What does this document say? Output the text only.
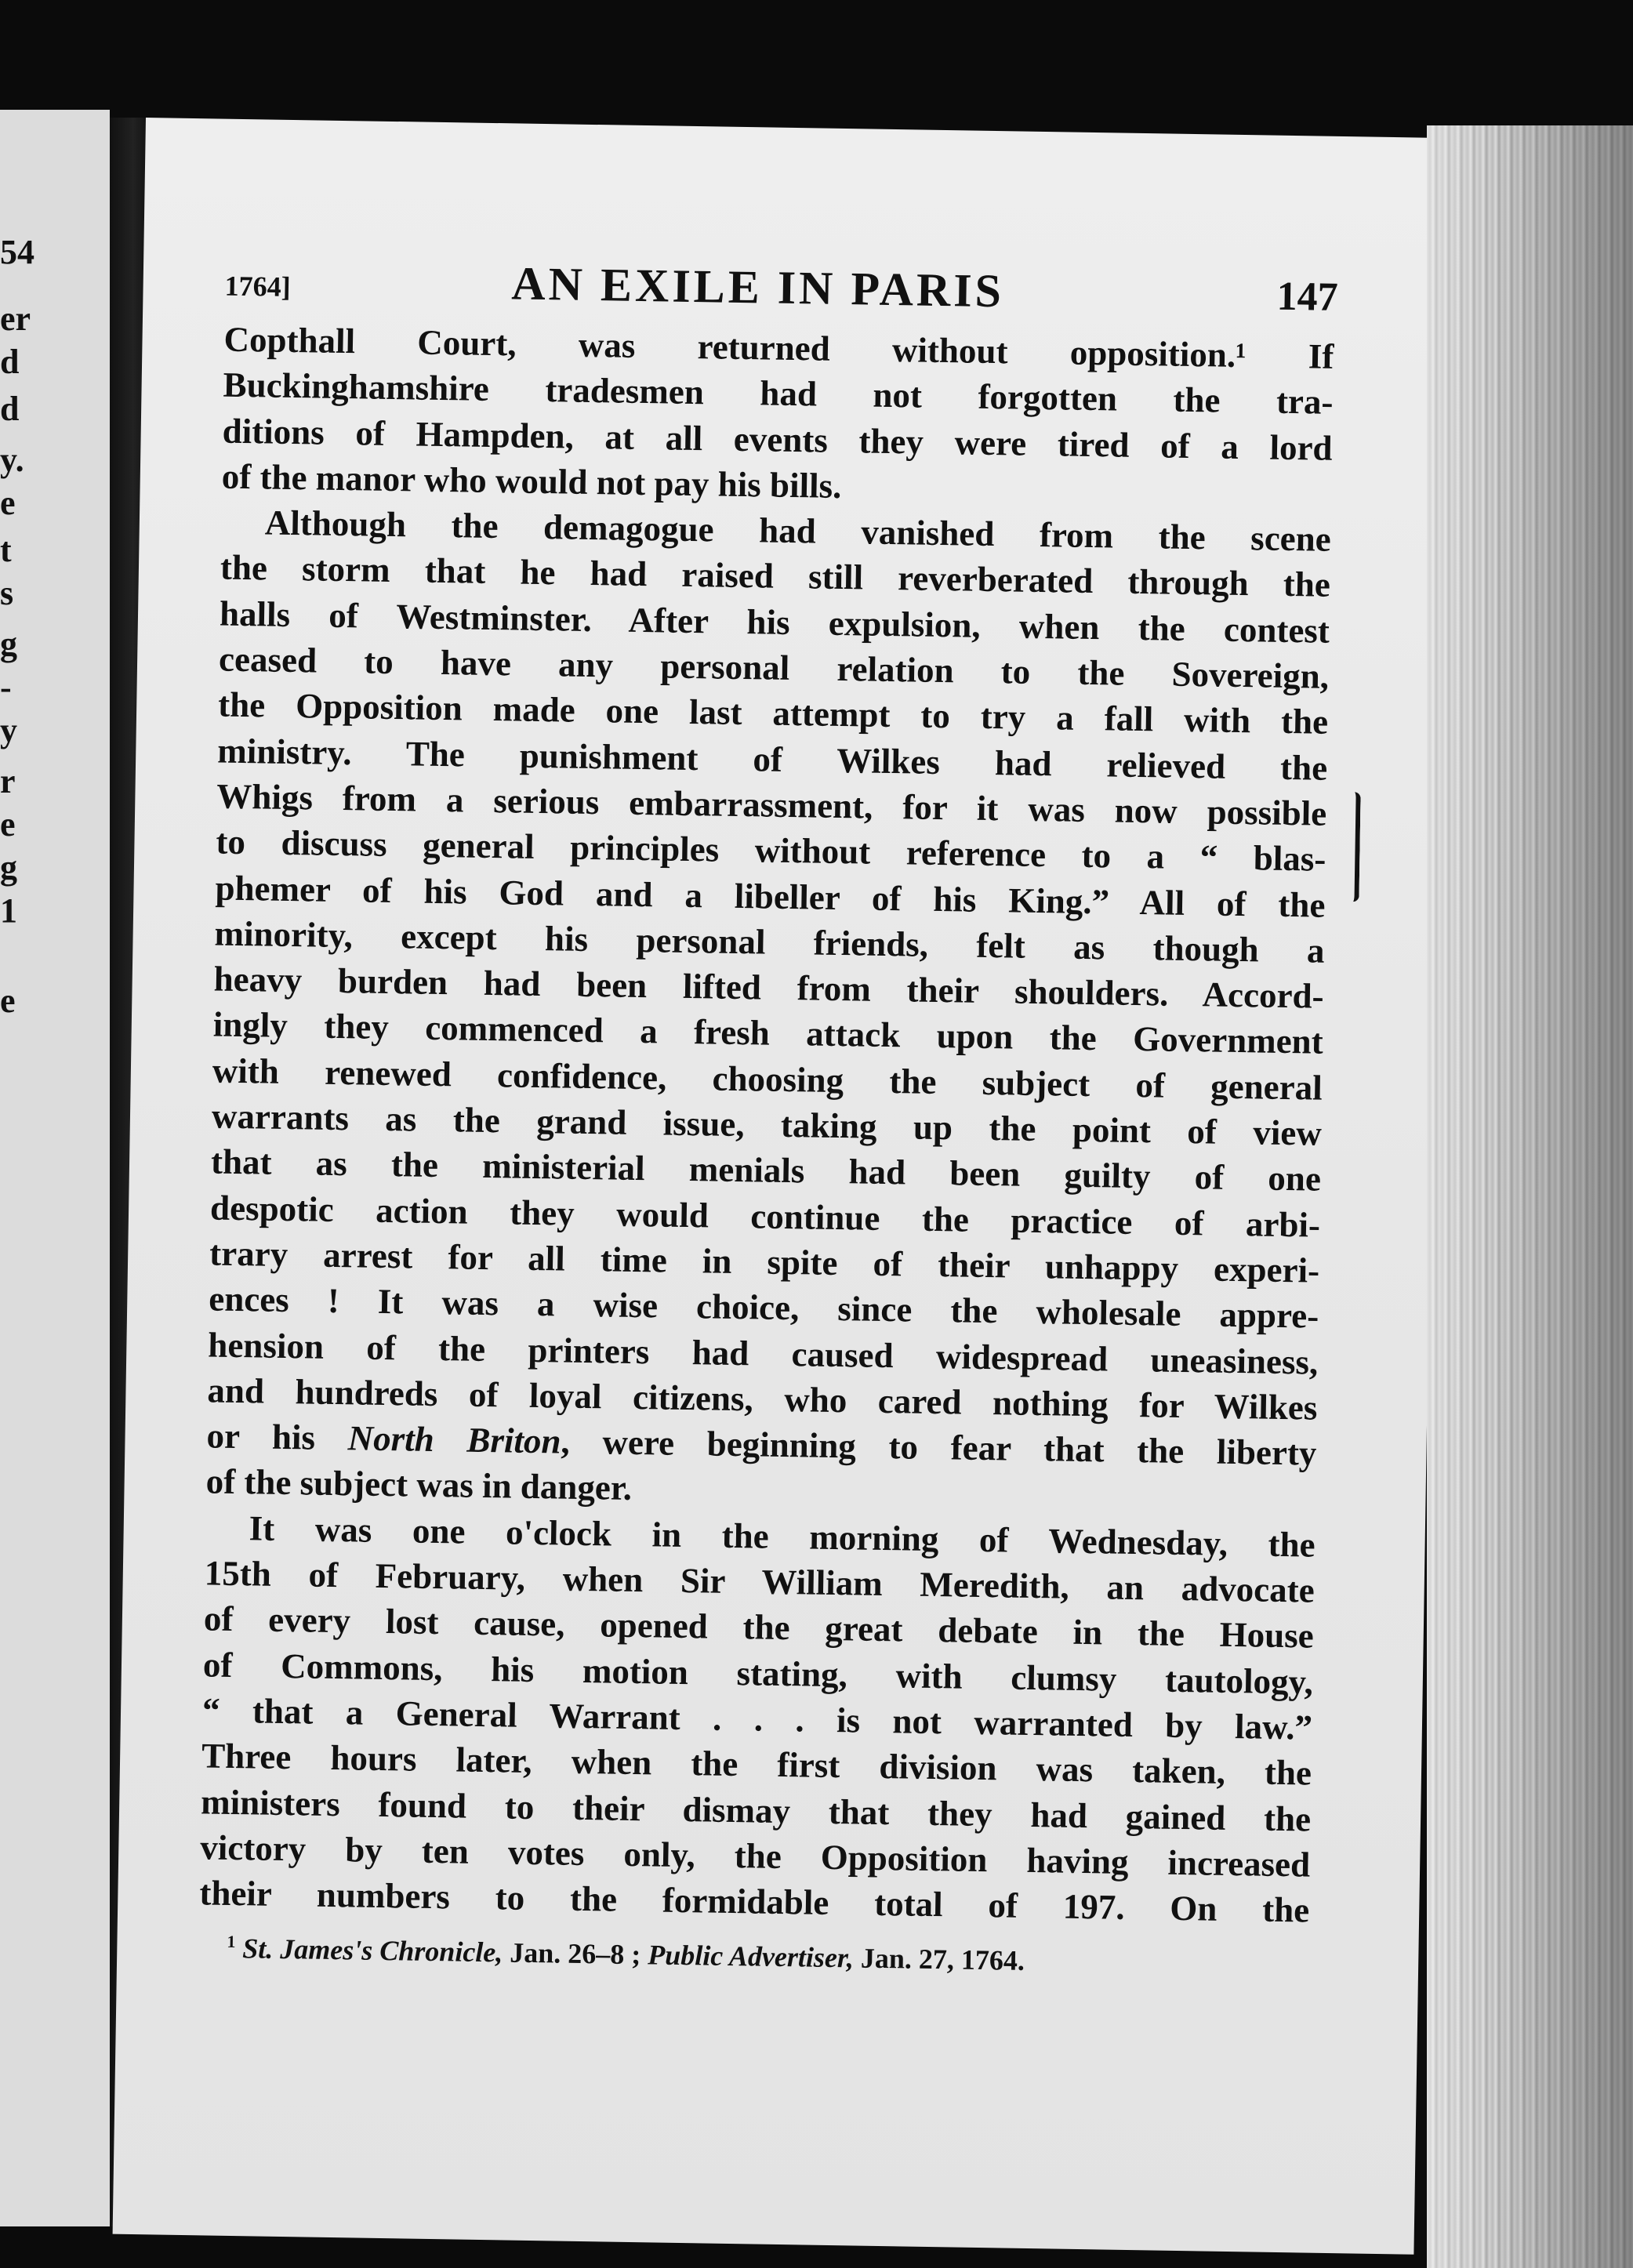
54
er
d
d
y.
e
t
s
g
-
y
r
e
g
1
e
1764]	AN EXILE IN PARIS	147
Copthall Court, was returned without opposition.¹ If
Buckinghamshire tradesmen had not forgotten the tra-
ditions of Hampden, at all events they were tired of a lord
of the manor who would not pay his bills.
Although the demagogue had vanished from the scene
the storm that he had raised still reverberated through the
halls of Westminster. After his expulsion, when the contest
ceased to have any personal relation to the Sovereign,
the Opposition made one last attempt to try a fall with the
ministry. The punishment of Wilkes had relieved the
Whigs from a serious embarrassment, for it was now possible
to discuss general principles without reference to a “ blas-
phemer of his God and a libeller of his King.” All of the
minority, except his personal friends, felt as though a
heavy burden had been lifted from their shoulders. Accord-
ingly they commenced a fresh attack upon the Government
with renewed confidence, choosing the subject of general
warrants as the grand issue, taking up the point of view
that as the ministerial menials had been guilty of one
despotic action they would continue the practice of arbi-
trary arrest for all time in spite of their unhappy experi-
ences ! It was a wise choice, since the wholesale appre-
hension of the printers had caused widespread uneasiness,
and hundreds of loyal citizens, who cared nothing for Wilkes
or his North Briton, were beginning to fear that the liberty
of the subject was in danger.
It was one o'clock in the morning of Wednesday, the
15th of February, when Sir William Meredith, an advocate
of every lost cause, opened the great debate in the House
of Commons, his motion stating, with clumsy tautology,
“ that a General Warrant . . . is not warranted by law.”
Three hours later, when the first division was taken, the
ministers found to their dismay that they had gained the
victory by ten votes only, the Opposition having increased
their numbers to the formidable total of 197. On the
$^1$ St. James's Chronicle, Jan. 26–8 ; Public Advertiser, Jan. 27, 1764.
